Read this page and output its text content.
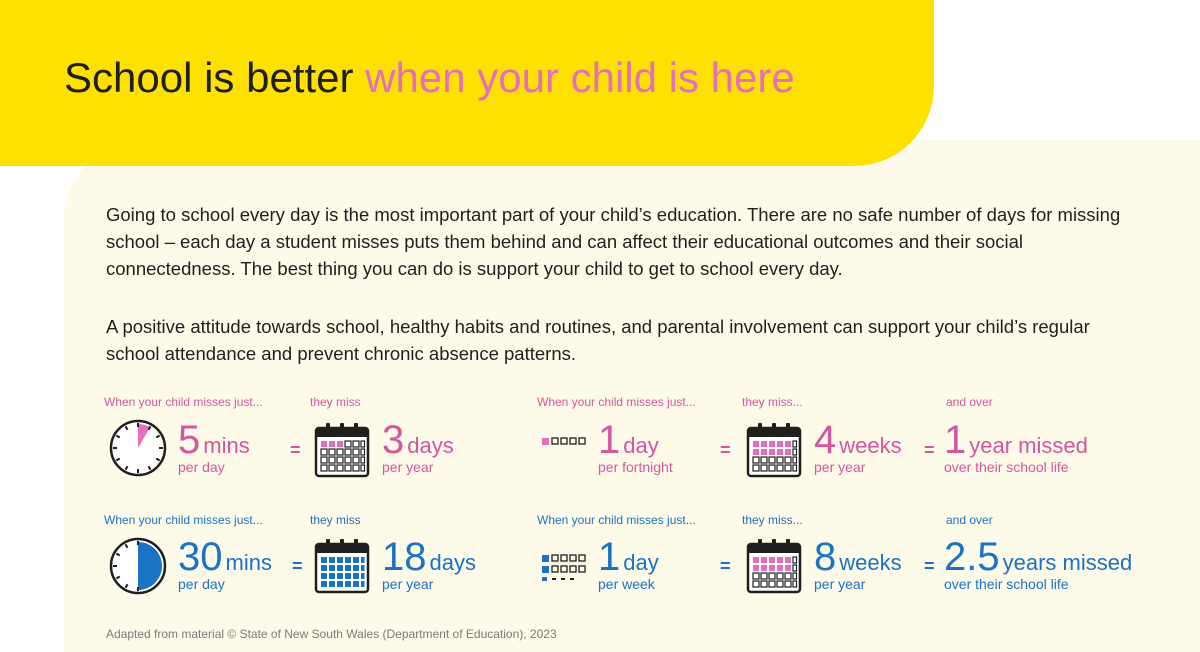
School is better when your child is here

Going to school every day is the most important part of your child’s education. There are no safe number of days for missing school – each day a student misses puts them behind and can affect their educational outcomes and their social connectedness. The best thing you can do is support your child to get to school every day.

A positive attitude towards school, healthy habits and routines, and parental involvement can support your child’s regular school attendance and prevent chronic absence patterns.

When your child misses just...	they miss
5 mins
per day
= 3 days
per year
When your child misses just...	they miss...	and over
1 day
per fortnight
= 4 weeks
per year
= 1 year missed
over their school life
When your child misses just...	they miss
30 mins
per day
= 18 days
per year
When your child misses just...	they miss...	and over
1 day
per week
= 8 weeks
per year
= 2.5 years missed
over their school life
Adapted from material © State of New South Wales (Department of Education), 2023
